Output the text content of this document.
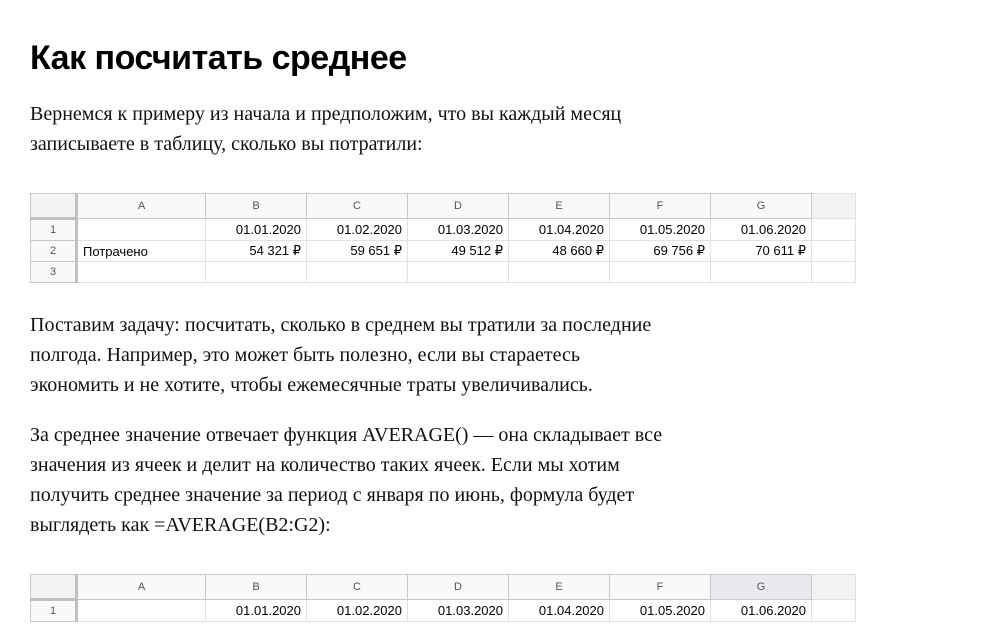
Как посчитать среднее

Вернемся к примеру из начала и предположим, что вы каждый месяц
записываете в таблицу, сколько вы потратили:

	A	B	C	D	E	F	G	
1		01.01.2020	01.02.2020	01.03.2020	01.04.2020	01.05.2020	01.06.2020	
2	Потрачено	54 321 ₽	59 651 ₽	49 512 ₽	48 660 ₽	69 756 ₽	70 611 ₽	
3								

Поставим задачу: посчитать, сколько в среднем вы тратили за последние
полгода. Например, это может быть полезно, если вы стараетесь
экономить и не хотите, чтобы ежемесячные траты увеличивались.

За среднее значение отвечает функция AVERAGE() — она складывает все
значения из ячеек и делит на количество таких ячеек. Если мы хотим
получить среднее значение за период с января по июнь, формула будет
выглядеть как =AVERAGE(B2:G2):

	A	B	C	D	E	F	G	
1		01.01.2020	01.02.2020	01.03.2020	01.04.2020	01.05.2020	01.06.2020	
